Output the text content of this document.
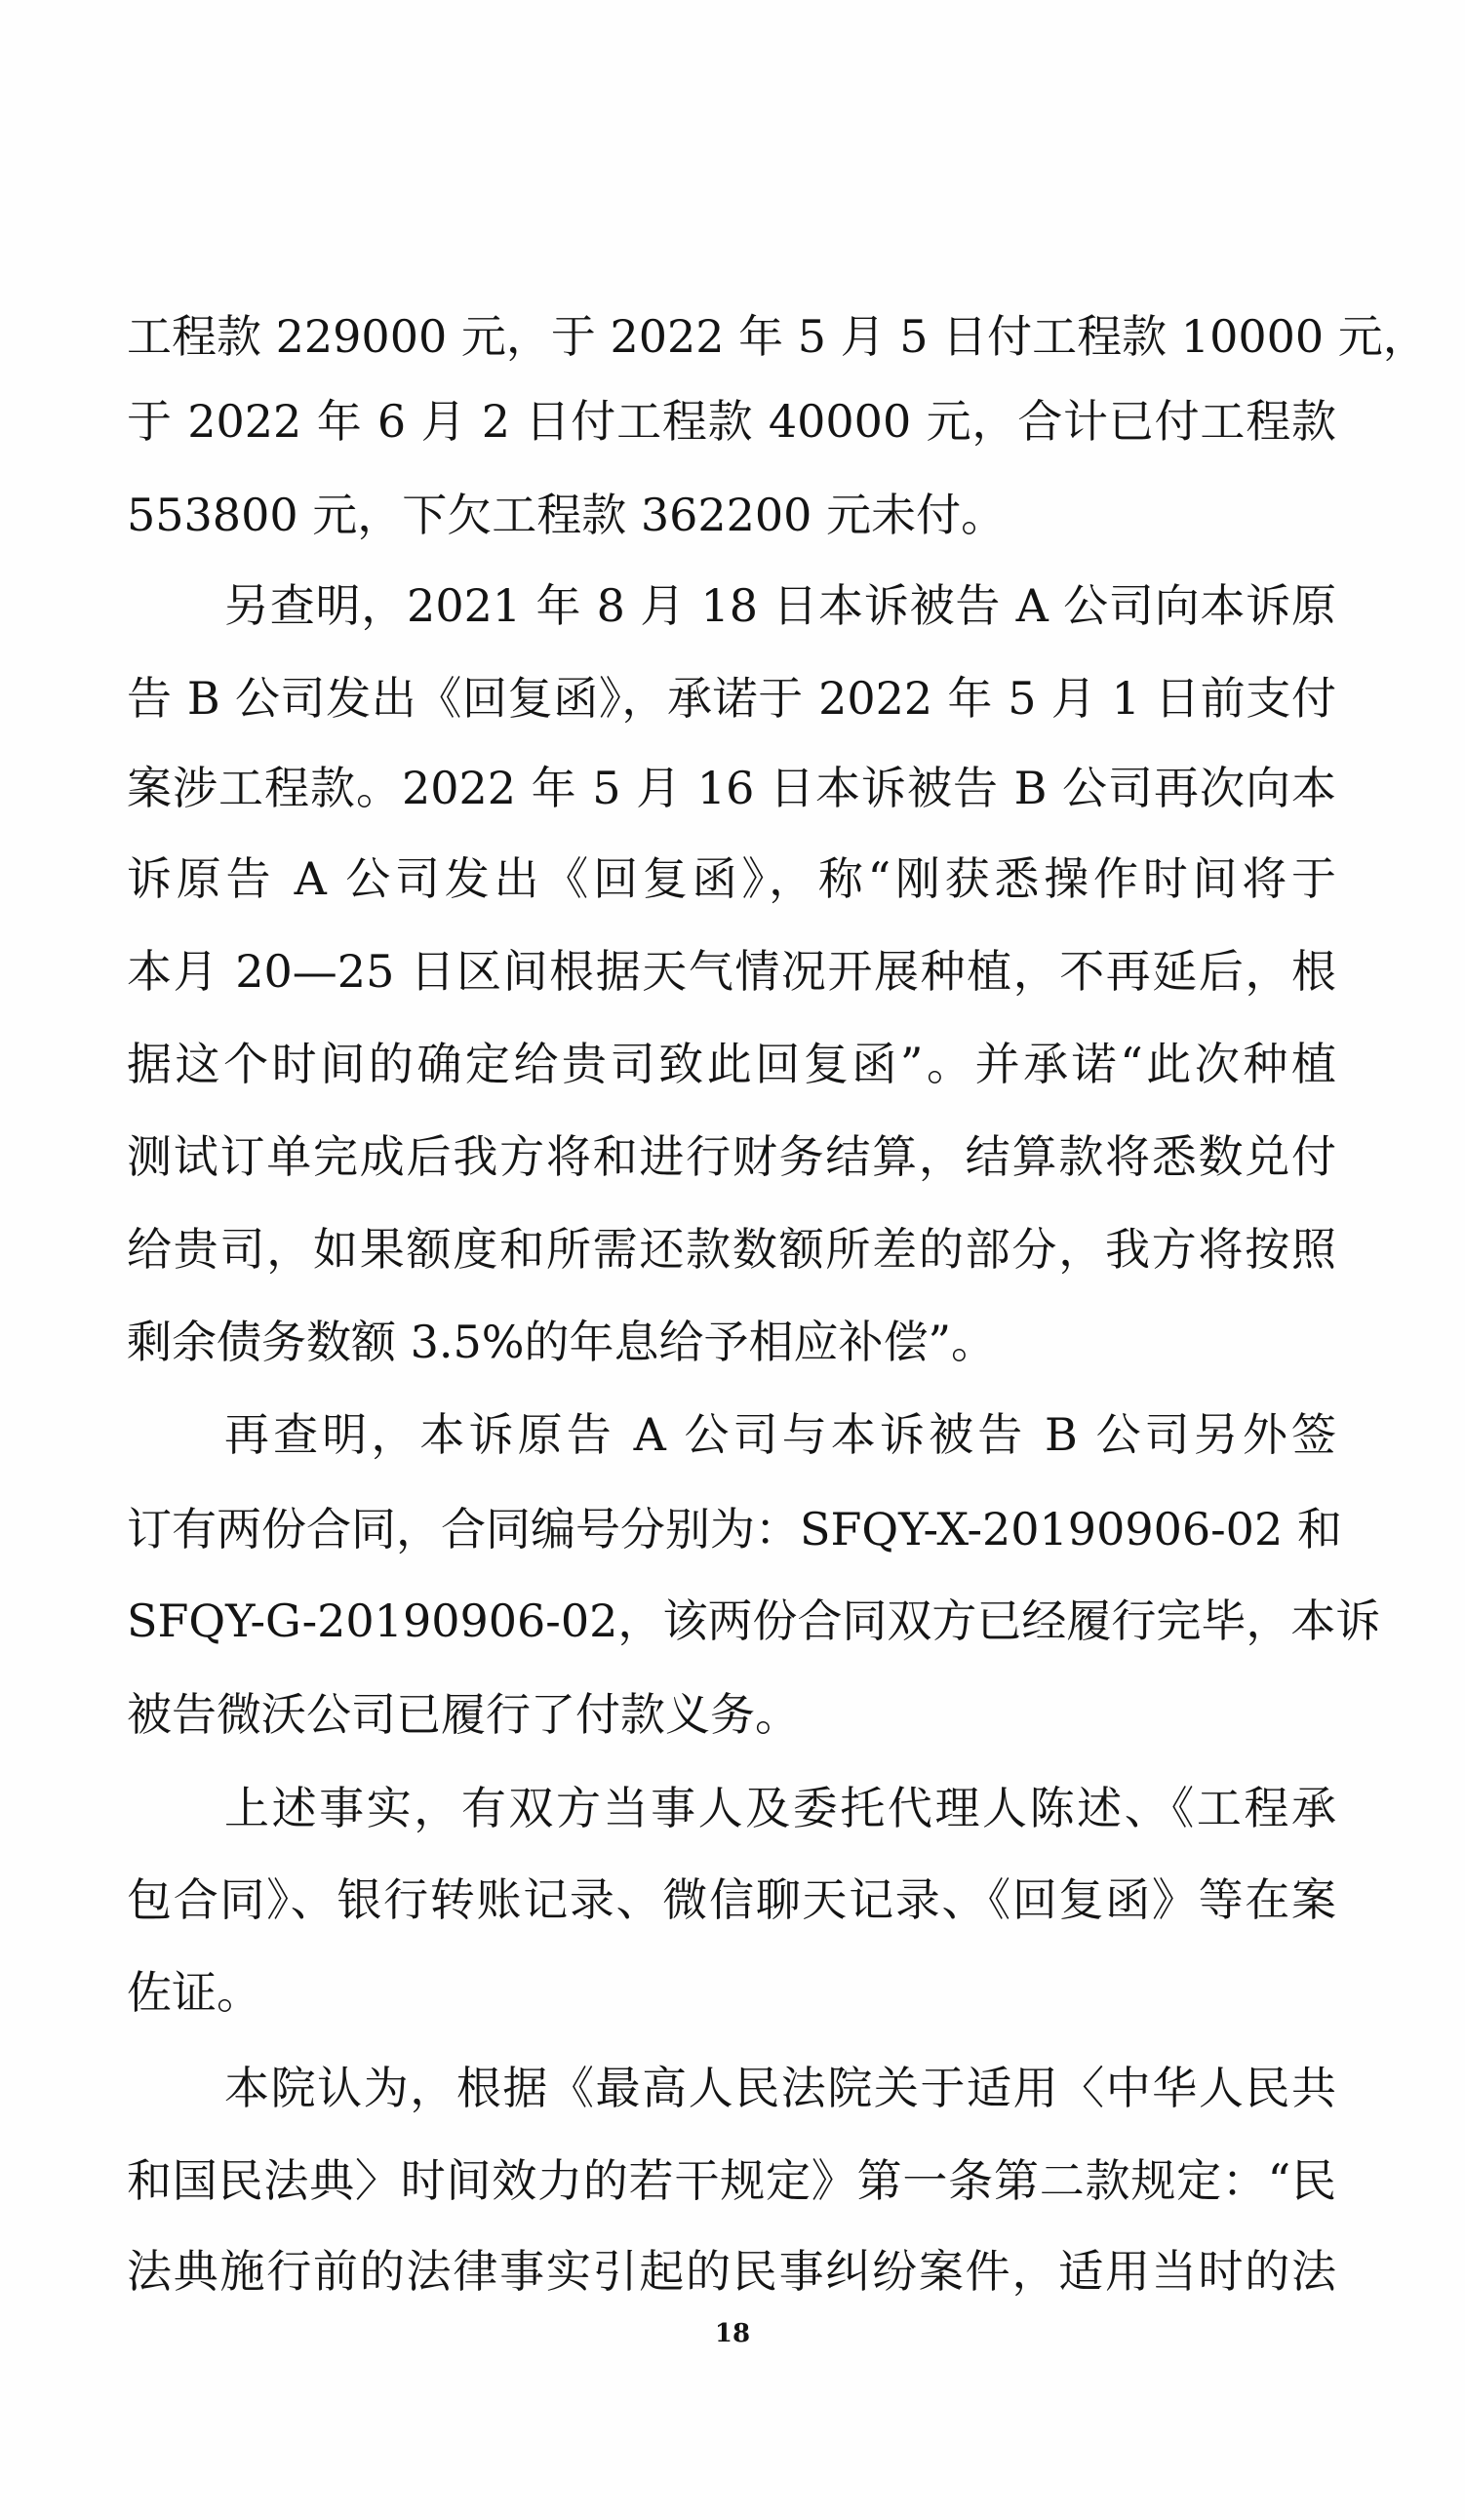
工程款 229000 元，于 2022 年 5 月 5 日付工程款 10000 元，
于 2022 年 6 月 2 日付工程款 40000 元，合计已付工程款
553800 元，下欠工程款 362200 元未付。
另查明，2021 年 8 月 18 日本诉被告 A 公司向本诉原
告 B 公司发出《回复函》，承诺于 2022 年 5 月 1 日前支付
案涉工程款。2022 年 5 月 16 日本诉被告 B 公司再次向本
诉原告 A 公司发出《回复函》，称“刚获悉操作时间将于
本月 20—25 日区间根据天气情况开展种植，不再延后，根
据这个时间的确定给贵司致此回复函”。并承诺“此次种植
测试订单完成后我方将和进行财务结算，结算款将悉数兑付
给贵司，如果额度和所需还款数额所差的部分，我方将按照
剩余债务数额 3.5%的年息给予相应补偿”。
再查明，本诉原告 A 公司与本诉被告 B 公司另外签
订有两份合同，合同编号分别为：SFQY-X-20190906-02 和
SFQY-G-20190906-02，该两份合同双方已经履行完毕，本诉
被告微沃公司已履行了付款义务。
上述事实，有双方当事人及委托代理人陈述、《工程承
包合同》、银行转账记录、微信聊天记录、《回复函》等在案
佐证。
本院认为，根据《最高人民法院关于适用〈中华人民共
和国民法典〉时间效力的若干规定》第一条第二款规定：“民
法典施行前的法律事实引起的民事纠纷案件，适用当时的法
18
